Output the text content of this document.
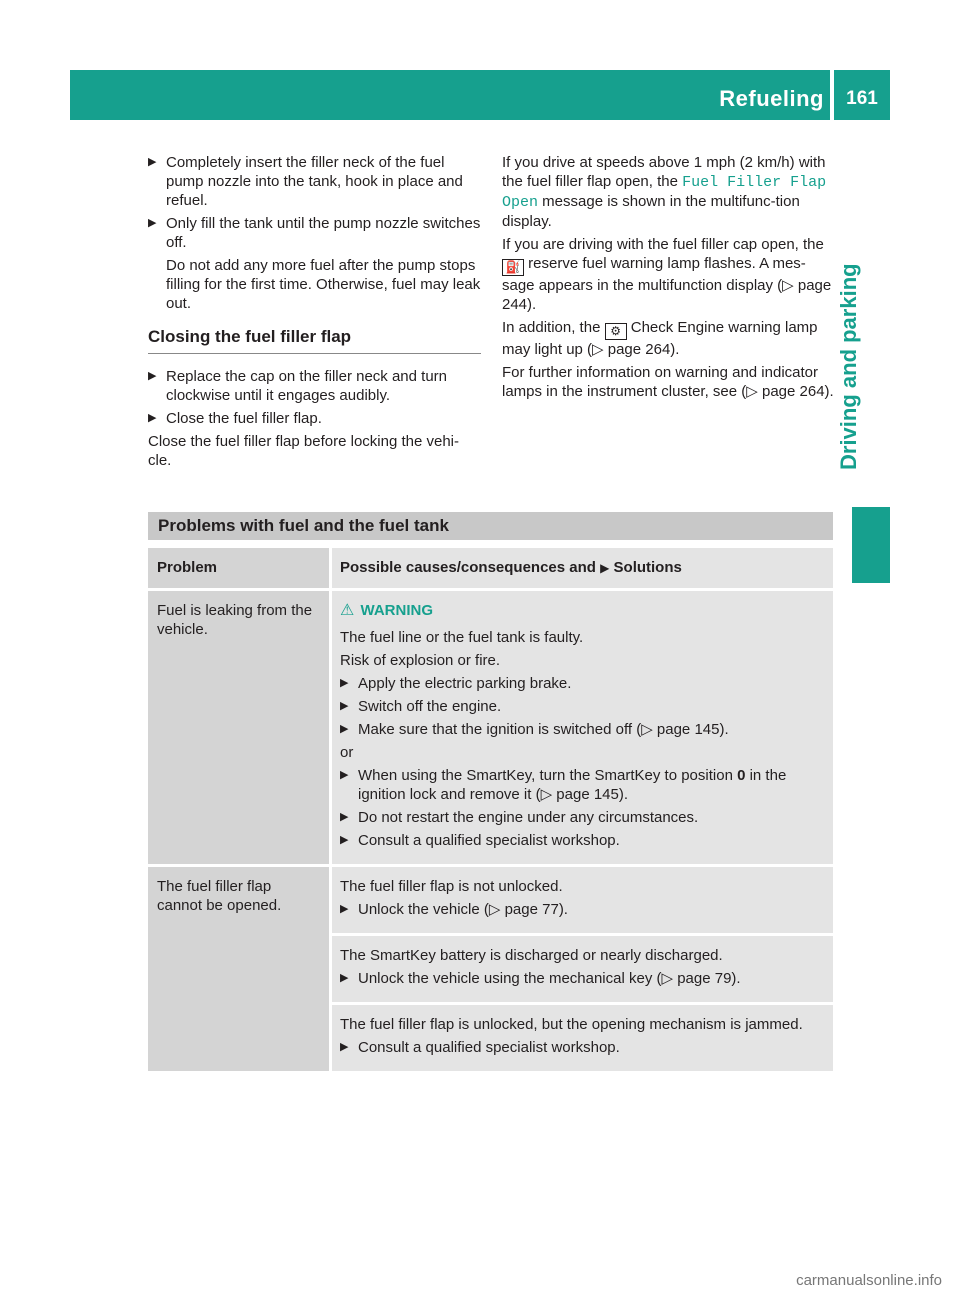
Refueling	161
Driving and parking
▶ Completely insert the filler neck of the fuel pump nozzle into the tank, hook in place and refuel.
▶ Only fill the tank until the pump nozzle switches off.
Do not add any more fuel after the pump stops filling for the first time. Otherwise, fuel may leak out.
Closing the fuel filler flap
▶ Replace the cap on the filler neck and turn clockwise until it engages audibly.
▶ Close the fuel filler flap.
Close the fuel filler flap before locking the vehi-cle.
If you drive at speeds above 1 mph (2 km/h) with the fuel filler flap open, the Fuel Filler Flap Open message is shown in the multifunc-tion display.
If you are driving with the fuel filler cap open, the ⛽ reserve fuel warning lamp flashes. A mes-sage appears in the multifunction display (▷ page 244).
In addition, the ⚙ Check Engine warning lamp may light up (▷ page 264).
For further information on warning and indicator lamps in the instrument cluster, see (▷ page 264).
Problems with fuel and the fuel tank
Problem	Possible causes/consequences and ▶ Solutions
Fuel is leaking from the vehicle.
⚠ WARNING
The fuel line or the fuel tank is faulty.
Risk of explosion or fire.
▶ Apply the electric parking brake.
▶ Switch off the engine.
▶ Make sure that the ignition is switched off (▷ page 145).
or
▶ When using the SmartKey, turn the SmartKey to position 0 in the ignition lock and remove it (▷ page 145).
▶ Do not restart the engine under any circumstances.
▶ Consult a qualified specialist workshop.
The fuel filler flap cannot be opened.
The fuel filler flap is not unlocked.
▶ Unlock the vehicle (▷ page 77).
The SmartKey battery is discharged or nearly discharged.
▶ Unlock the vehicle using the mechanical key (▷ page 79).
The fuel filler flap is unlocked, but the opening mechanism is jammed.
▶ Consult a qualified specialist workshop.
carmanualsonline.info
